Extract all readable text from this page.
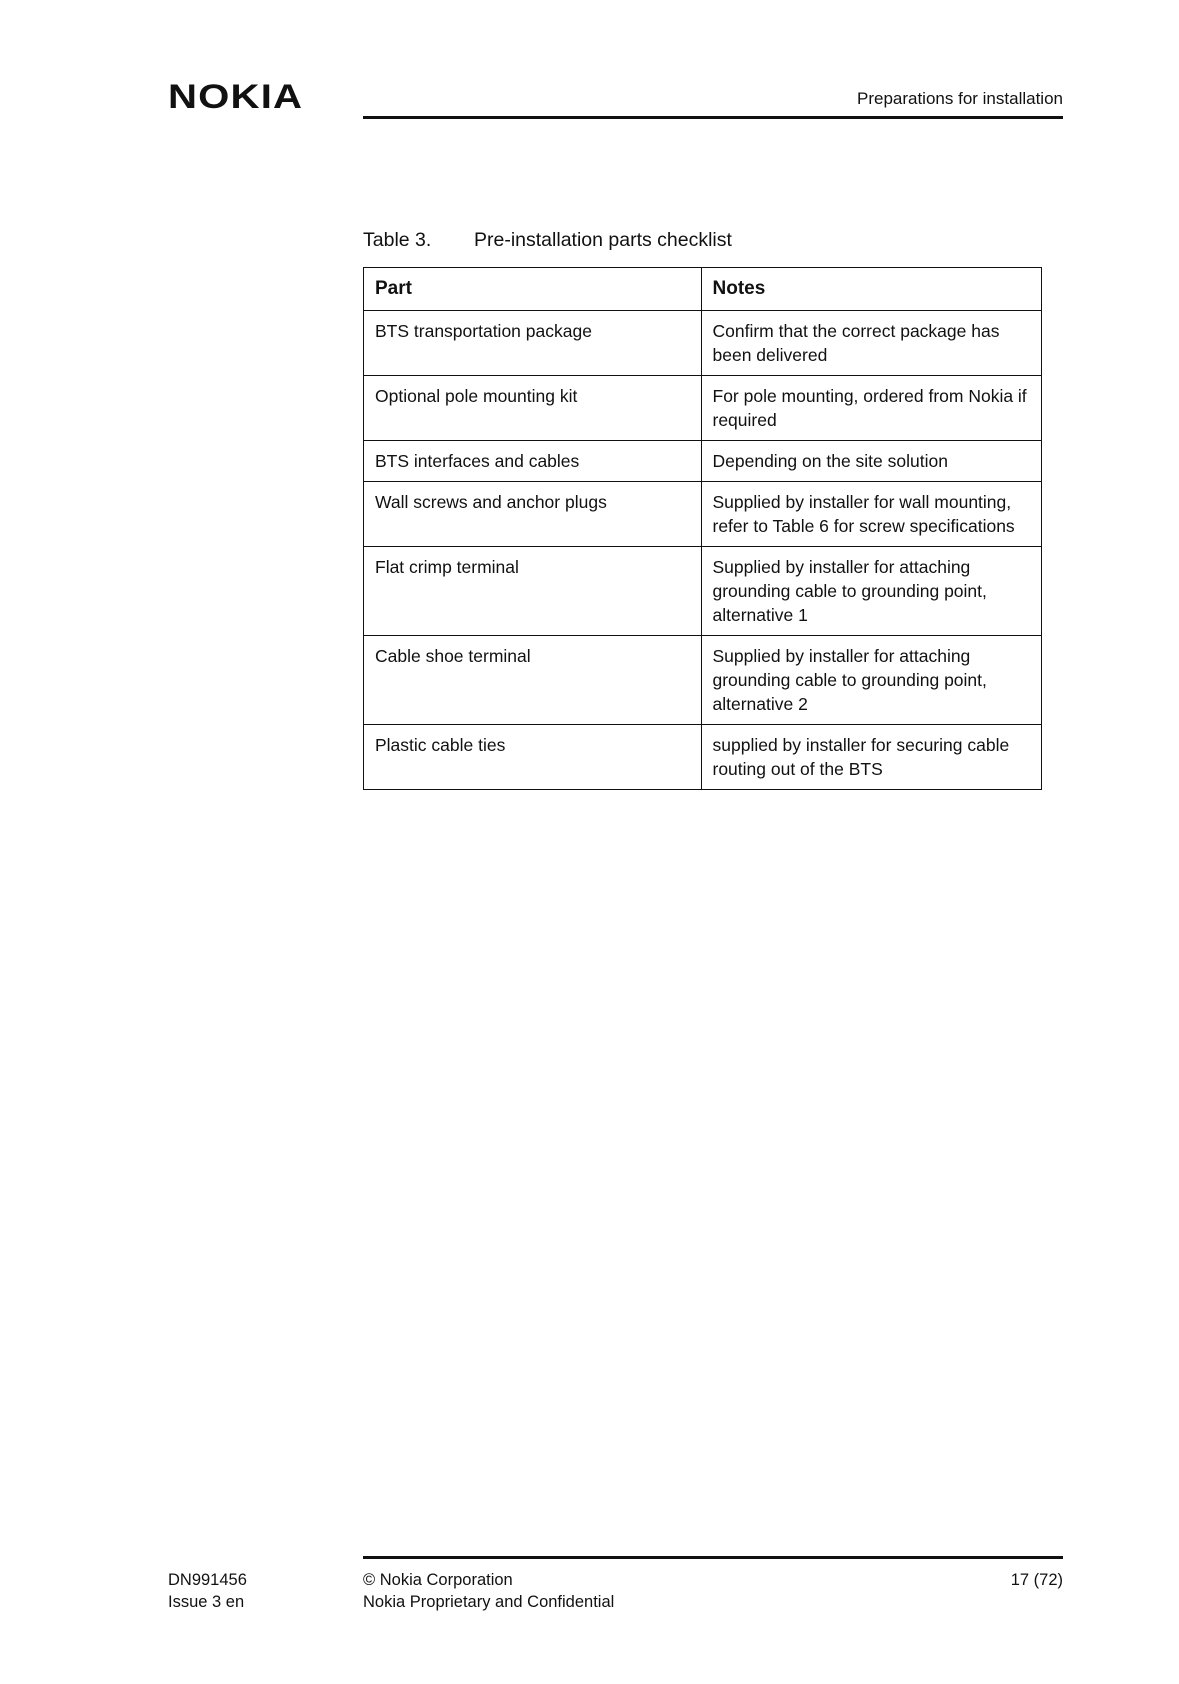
NOKIA	Preparations for installation
Table 3. Pre-installation parts checklist
Part	Notes
BTS transportation package	Confirm that the correct package has been delivered
Optional pole mounting kit	For pole mounting, ordered from Nokia if required
BTS interfaces and cables	Depending on the site solution
Wall screws and anchor plugs	Supplied by installer for wall mounting, refer to Table 6 for screw specifications
Flat crimp terminal	Supplied by installer for attaching grounding cable to grounding point, alternative 1
Cable shoe terminal	Supplied by installer for attaching grounding cable to grounding point, alternative 2
Plastic cable ties	supplied by installer for securing cable routing out of the BTS
DN991456
Issue 3 en
© Nokia Corporation
Nokia Proprietary and Confidential
17 (72)
